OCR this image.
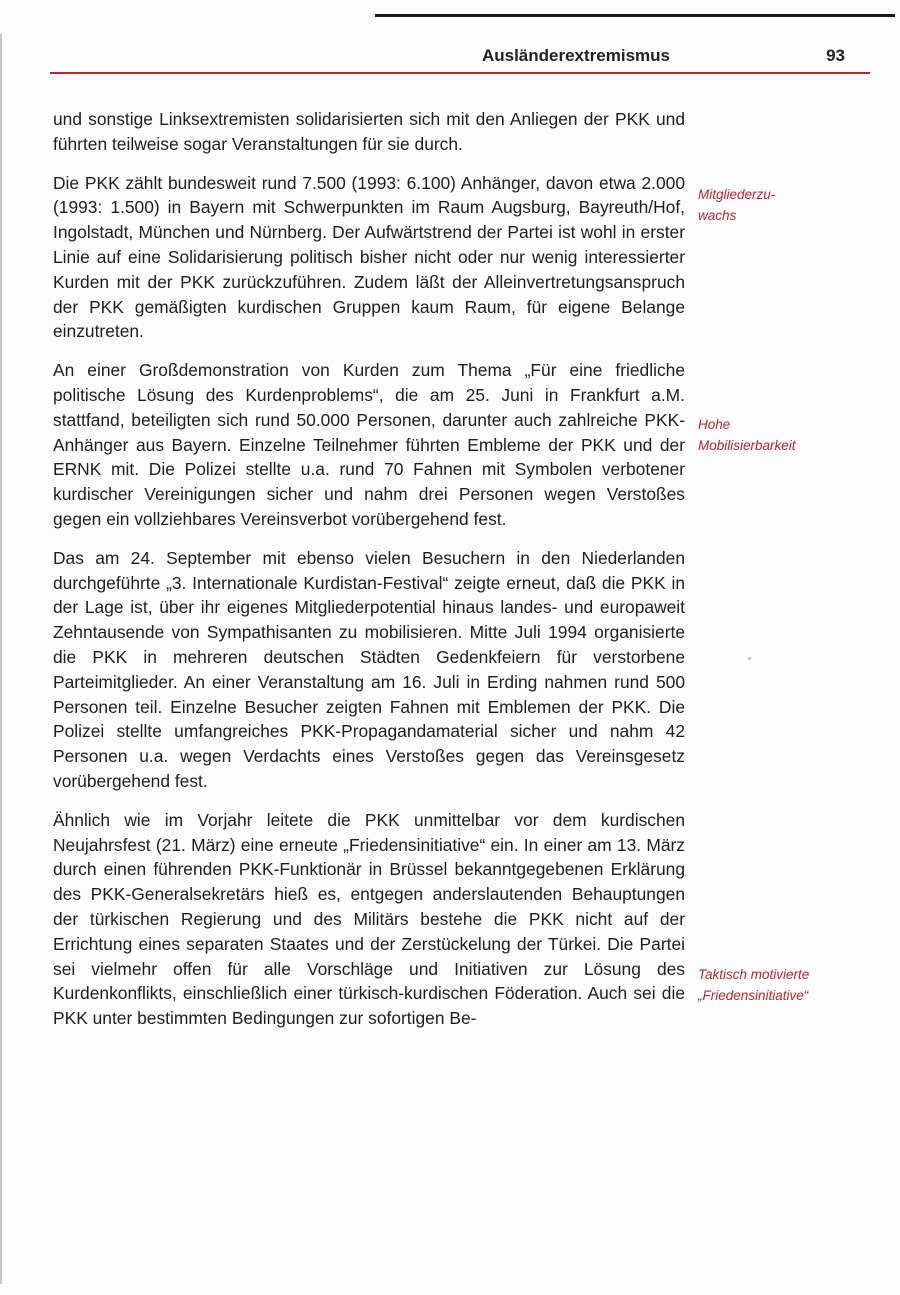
Ausländerextremismus	93

und sonstige Linksextremisten solidarisierten sich mit den Anliegen der PKK und führten teilweise sogar Veranstaltungen für sie durch.

Die PKK zählt bundesweit rund 7.500 (1993: 6.100) Anhänger, davon etwa 2.000 (1993: 1.500) in Bayern mit Schwerpunkten im Raum Augsburg, Bayreuth/Hof, Ingolstadt, München und Nürnberg. Der Aufwärtstrend der Partei ist wohl in erster Linie auf eine Solidarisierung politisch bisher nicht oder nur wenig interessierter Kurden mit der PKK zurückzuführen. Zudem läßt der Alleinvertretungsanspruch der PKK gemäßigten kurdischen Gruppen kaum Raum, für eigene Belange einzutreten.

An einer Großdemonstration von Kurden zum Thema „Für eine friedliche politische Lösung des Kurdenproblems“, die am 25. Juni in Frankfurt a.M. stattfand, beteiligten sich rund 50.000 Personen, darunter auch zahlreiche PKK-Anhänger aus Bayern. Einzelne Teilnehmer führten Embleme der PKK und der ERNK mit. Die Polizei stellte u.a. rund 70 Fahnen mit Symbolen verbotener kurdischer Vereinigungen sicher und nahm drei Personen wegen Verstoßes gegen ein vollziehbares Vereinsverbot vorübergehend fest.

Das am 24. September mit ebenso vielen Besuchern in den Niederlanden durchgeführte „3. Internationale Kurdistan-Festival“ zeigte erneut, daß die PKK in der Lage ist, über ihr eigenes Mitgliederpotential hinaus landes- und europaweit Zehntausende von Sympathisanten zu mobilisieren. Mitte Juli 1994 organisierte die PKK in mehreren deutschen Städten Gedenkfeiern für verstorbene Parteimitglieder. An einer Veranstaltung am 16. Juli in Erding nahmen rund 500 Personen teil. Einzelne Besucher zeigten Fahnen mit Emblemen der PKK. Die Polizei stellte umfangreiches PKK-Propagandamaterial sicher und nahm 42 Personen u.a. wegen Verdachts eines Verstoßes gegen das Vereinsgesetz vorübergehend fest.

Ähnlich wie im Vorjahr leitete die PKK unmittelbar vor dem kurdischen Neujahrsfest (21. März) eine erneute „Friedensinitiative“ ein. In einer am 13. März durch einen führenden PKK-Funktionär in Brüssel bekanntgegebenen Erklärung des PKK-Generalsekretärs hieß es, entgegen anderslautenden Behauptungen der türkischen Regierung und des Militärs bestehe die PKK nicht auf der Errichtung eines separaten Staates und der Zerstückelung der Türkei. Die Partei sei vielmehr offen für alle Vorschläge und Initiativen zur Lösung des Kurdenkonflikts, einschließlich einer türkisch-kurdischen Föderation. Auch sei die PKK unter bestimmten Bedingungen zur sofortigen Be-

Mitgliederzu-
wachs
Hohe
Mobilisierbarkeit
Taktisch motivierte
„Friedensinitiative“
